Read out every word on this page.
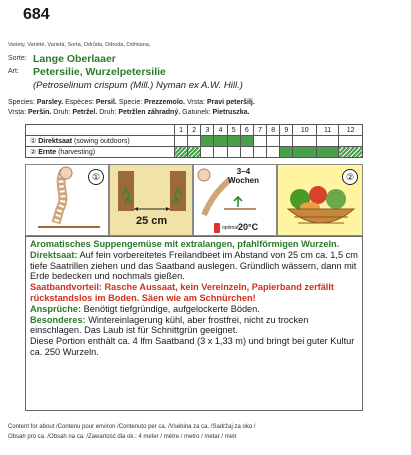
684
Variety, Variété, Varietà, Sorta, Odrůda, Odroda, Odmiana,
Sorte: Lange Oberlaaer
Art: Petersilie, Wurzelpetersilie
(Petroselinum crispum (Mill.) Nyman ex A.W. Hill.)
Species: Parsley. Espèces: Persil. Specie: Prezzemolo. Vrsta: Pravi peteršilj.
Vrsta: Peršin. Druh: Petržel. Druh: Petržlen záhradný. Gatunek: Pietruszka.
	1	2	3	4	5	6	7	8	9	10	11	12
① Direktsaat (sowing outdoors)												
② Ernte (harvesting)												
①
25 cm
3–4
Wochen
optimal:
20°C
②

Aromatisches Suppengemüse mit extralangen, pfahlförmigen Wurzeln.

Direktsaat: Auf fein vorbereitetes Freilandbeet im Abstand von 25 cm ca. 1,5 cm tiefe Saatrillen ziehen und das Saatband auslegen. Gründlich wässern, dann mit Erde bedecken und nochmals gießen.

Saatbandvorteil: Rasche Aussaat, kein Vereinzeln, Papierband zerfällt rückstandslos im Boden. Säen wie am Schnürchen!

Ansprüche: Benötigt tiefgründige, aufgelockerte Böden.

Besonderes: Wintereinlagerung kühl, aber frostfrei, nicht zu trocken einschlagen. Das Laub ist für Schnittgrün geeignet.

Diese Portion enthält ca. 4 lfm Saatband (3 x 1,33 m) und bringt bei guter Kultur ca. 250 Wurzeln.

Content for about /Contenu pour environ /Contenuto per ca. /Vsebina za ca. /Sadržaj za oko /
Obsah pro ca. /Obsah na ca. /Zawartość dla ok.: 4 meter / mètre / metro / metar / metr
